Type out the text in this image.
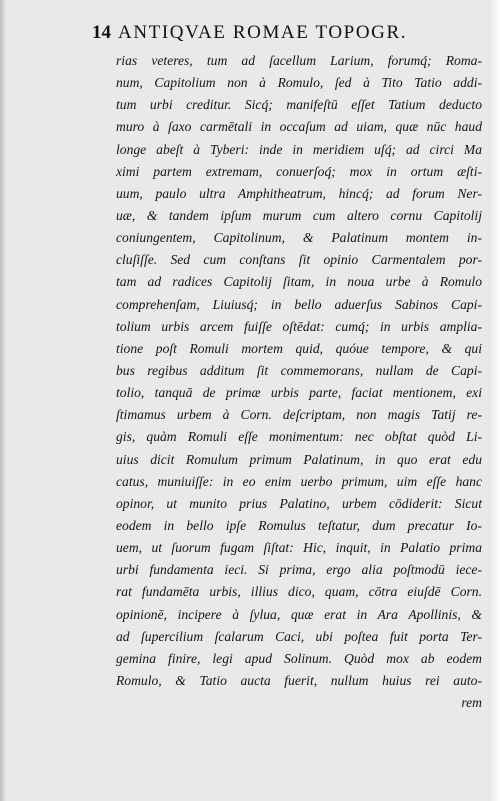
14 ANTIQVAE ROMAE TOPOGR.
rias veteres, tum ad ſacellum Larium, forumq́; Roma-
num, Capitolium non à Romulo, ſed à Tito Tatio addi-
tum urbi creditur. Sicq́; manifeſtū eſſet Tatium deducto
muro à ſaxo carmētali in occaſum ad uiam, quæ nūc haud
longe abeſt à Tyberi: inde in meridiem uſq́; ad circi Ma
ximi partem extremam, conuerſoq́; mox in ortum æſti-
uum, paulo ultra Amphitheatrum, hincq́; ad forum Ner-
uæ, & tandem ipſum murum cum altero cornu Capitolij
coniungentem, Capitolinum, & Palatinum montem in-
cluſiſſe. Sed cum conſtans ſit opinio Carmentalem por-
tam ad radices Capitolij ſitam, in noua urbe à Romulo
comprehenſam, Liuiusq́; in bello aduerſus Sabinos Capi-
tolium urbis arcem fuiſſe oſtēdat: cumq́; in urbis amplia-
tione poſt Romuli mortem quid, quóue tempore, & qui
bus regibus additum ſit commemorans, nullam de Capi-
tolio, tanquā de primæ urbis parte, faciat mentionem, exi
ſtimamus urbem à Corn. deſcriptam, non magis Tatij re-
gis, quàm Romuli eſſe monimentum: nec obſtat quòd Li-
uius dicit Romulum primum Palatinum, in quo erat edu
catus, muniuiſſe: in eo enim uerbo primum, uim eſſe hanc
opinor, ut munito prius Palatino, urbem cōdiderit: Sicut
eodem in bello ipſe Romulus teſtatur, dum precatur Io-
uem, ut ſuorum fugam ſiſtat: Hic, inquit, in Palatio prima
urbi fundamenta ieci. Si prima, ergo alia poſtmodū iece-
rat fundamēta urbis, illius dico, quam, cōtra eiuſdē Corn.
opinionē, incipere à ſylua, quæ erat in Ara Apollinis, &
ad ſupercilium ſcalarum Caci, ubi poſtea fuit porta Ter-
gemina finire, legi apud Solinum. Quòd mox ab eodem
Romulo, & Tatio aucta fuerit, nullum huius rei auto-
rem
